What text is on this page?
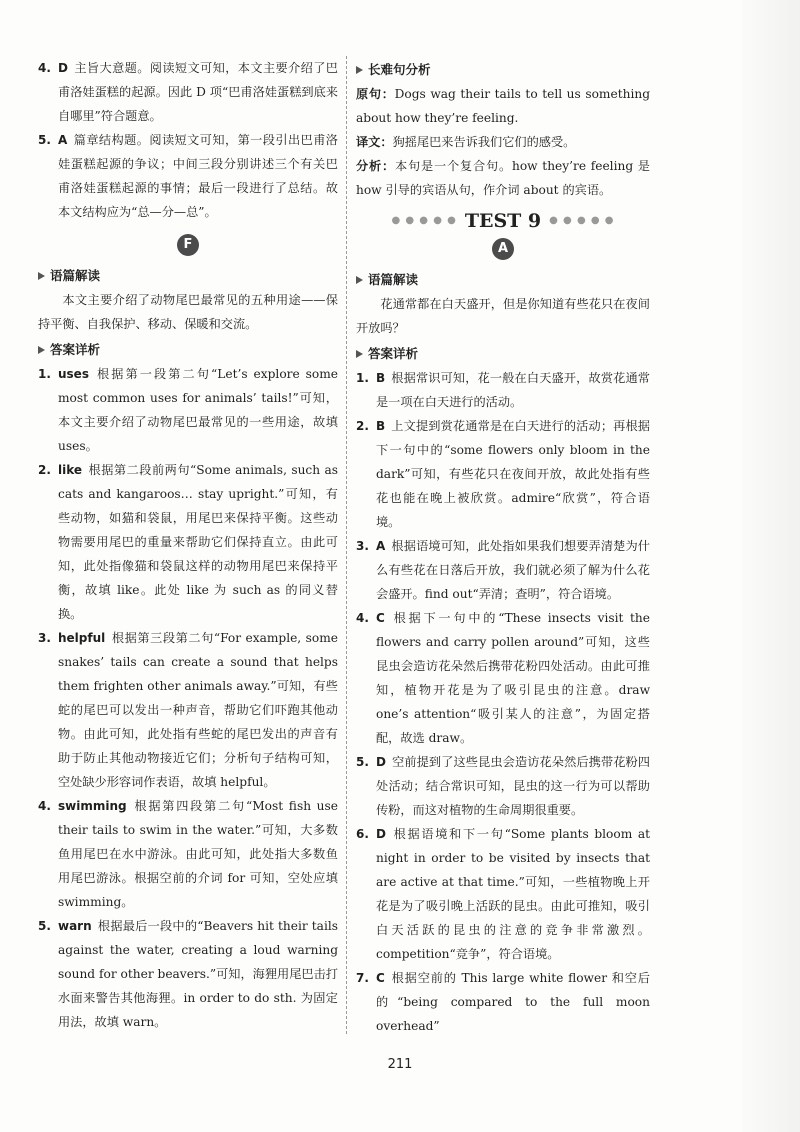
4. D 主旨大意题。阅读短文可知，本文主要介绍了巴甫洛娃蛋糕的起源。因此 D 项“巴甫洛娃蛋糕到底来自哪里”符合题意。
5. A 篇章结构题。阅读短文可知，第一段引出巴甫洛娃蛋糕起源的争议；中间三段分别讲述三个有关巴甫洛娃蛋糕起源的事情；最后一段进行了总结。故本文结构应为“总—分—总”。
F
语篇解读
本文主要介绍了动物尾巴最常见的五种用途——保持平衡、自我保护、移动、保暖和交流。
答案详析
1. uses 根据第一段第二句“Let’s explore some most common uses for animals’ tails!”可知，本文主要介绍了动物尾巴最常见的一些用途，故填 uses。
2. like 根据第二段前两句“Some animals, such as cats and kangaroos… stay upright.”可知，有些动物，如猫和袋鼠，用尾巴来保持平衡。这些动物需要用尾巴的重量来帮助它们保持直立。由此可知，此处指像猫和袋鼠这样的动物用尾巴来保持平衡，故填 like。此处 like 为 such as 的同义替换。
3. helpful 根据第三段第二句“For example, some snakes’ tails can create a sound that helps them frighten other animals away.”可知，有些蛇的尾巴可以发出一种声音，帮助它们吓跑其他动物。由此可知，此处指有些蛇的尾巴发出的声音有助于防止其他动物接近它们；分析句子结构可知，空处缺少形容词作表语，故填 helpful。
4. swimming 根据第四段第二句“Most fish use their tails to swim in the water.”可知，大多数鱼用尾巴在水中游泳。由此可知，此处指大多数鱼用尾巴游泳。根据空前的介词 for 可知，空处应填 swimming。
5. warn 根据最后一段中的“Beavers hit their tails against the water, creating a loud warning sound for other beavers.”可知，海狸用尾巴击打水面来警告其他海狸。in order to do sth. 为固定用法，故填 warn。
长难句分析
原句：Dogs wag their tails to tell us something about how they’re feeling.
译文：狗摇尾巴来告诉我们它们的感受。
分析：本句是一个复合句。how they’re feeling 是 how 引导的宾语从句，作介词 about 的宾语。
● ● ● ● ● TEST 9 ● ● ● ● ●
A
语篇解读
花通常都在白天盛开，但是你知道有些花只在夜间开放吗？
答案详析
1. B 根据常识可知，花一般在白天盛开，故赏花通常是一项在白天进行的活动。
2. B 上文提到赏花通常是在白天进行的活动；再根据下一句中的“some flowers only bloom in the dark”可知，有些花只在夜间开放，故此处指有些花也能在晚上被欣赏。admire“欣赏”，符合语境。
3. A 根据语境可知，此处指如果我们想要弄清楚为什么有些花在日落后开放，我们就必须了解为什么花会盛开。find out“弄清；查明”，符合语境。
4. C 根据下一句中的“These insects visit the flowers and carry pollen around”可知，这些昆虫会造访花朵然后携带花粉四处活动。由此可推知，植物开花是为了吸引昆虫的注意。draw one’s attention“吸引某人的注意”，为固定搭配，故选 draw。
5. D 空前提到了这些昆虫会造访花朵然后携带花粉四处活动；结合常识可知，昆虫的这一行为可以帮助传粉，而这对植物的生命周期很重要。
6. D 根据语境和下一句“Some plants bloom at night in order to be visited by insects that are active at that time.”可知，一些植物晚上开花是为了吸引晚上活跃的昆虫。由此可推知，吸引白天活跃的昆虫的注意的竞争非常激烈。competition“竞争”，符合语境。
7. C 根据空前的 This large white flower 和空后的“being compared to the full moon overhead”
211
